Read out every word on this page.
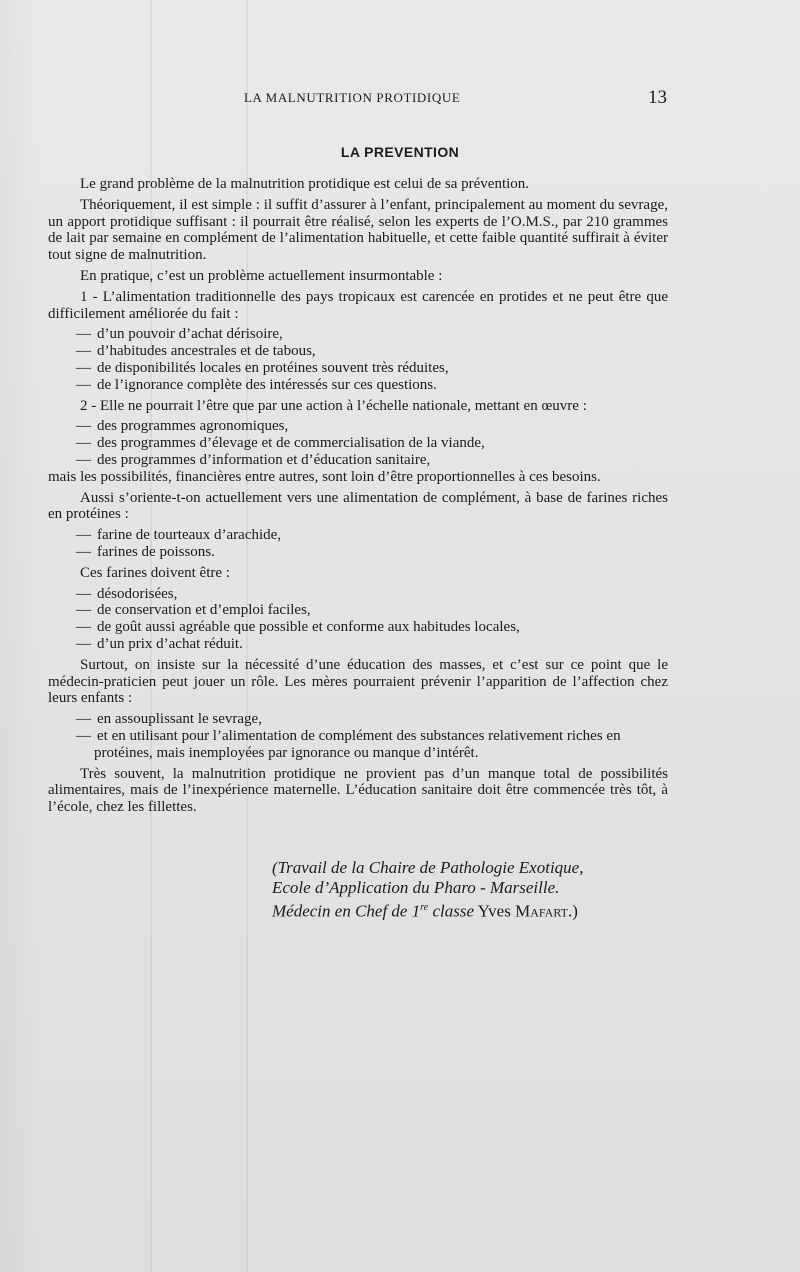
LA MALNUTRITION PROTIDIQUE	13
LA PREVENTION

Le grand problème de la malnutrition protidique est celui de sa prévention.

Théoriquement, il est simple : il suffit d’assurer à l’enfant, principalement au moment du sevrage, un apport protidique suffisant : il pourrait être réalisé, selon les experts de l’O.M.S., par 210 grammes de lait par semaine en complément de l’alimentation habituelle, et cette faible quantité suffirait à éviter tout signe de malnutrition.

En pratique, c’est un problème actuellement insurmontable :

1 - L’alimentation traditionnelle des pays tropicaux est carencée en protides et ne peut être que difficilement améliorée du fait :

— d’un pouvoir d’achat dérisoire,
— d’habitudes ancestrales et de tabous,
— de disponibilités locales en protéines souvent très réduites,
— de l’ignorance complète des intéressés sur ces questions.

2 - Elle ne pourrait l’être que par une action à l’échelle nationale, mettant en œuvre :

— des programmes agronomiques,
— des programmes d’élevage et de commercialisation de la viande,
— des programmes d’information et d’éducation sanitaire,

mais les possibilités, financières entre autres, sont loin d’être proportionnelles à ces besoins.

Aussi s’oriente-t-on actuellement vers une alimentation de complément, à base de farines riches en protéines :

— farine de tourteaux d’arachide,
— farines de poissons.

Ces farines doivent être :

— désodorisées,
— de conservation et d’emploi faciles,
— de goût aussi agréable que possible et conforme aux habitudes locales,
— d’un prix d’achat réduit.

Surtout, on insiste sur la nécessité d’une éducation des masses, et c’est sur ce point que le médecin-praticien peut jouer un rôle. Les mères pourraient prévenir l’apparition de l’affection chez leurs enfants :

— en assouplissant le sevrage,
— et en utilisant pour l’alimentation de complément des substances relativement riches en protéines, mais inemployées par ignorance ou manque d’intérêt.

Très souvent, la malnutrition protidique ne provient pas d’un manque total de possibilités alimentaires, mais de l’inexpérience maternelle. L’éducation sanitaire doit être commencée très tôt, à l’école, chez les fillettes.

(Travail de la Chaire de Pathologie Exotique,
Ecole d’Application du Pharo - Marseille.
Médecin en Chef de 1re classe Yves Mafart.)
